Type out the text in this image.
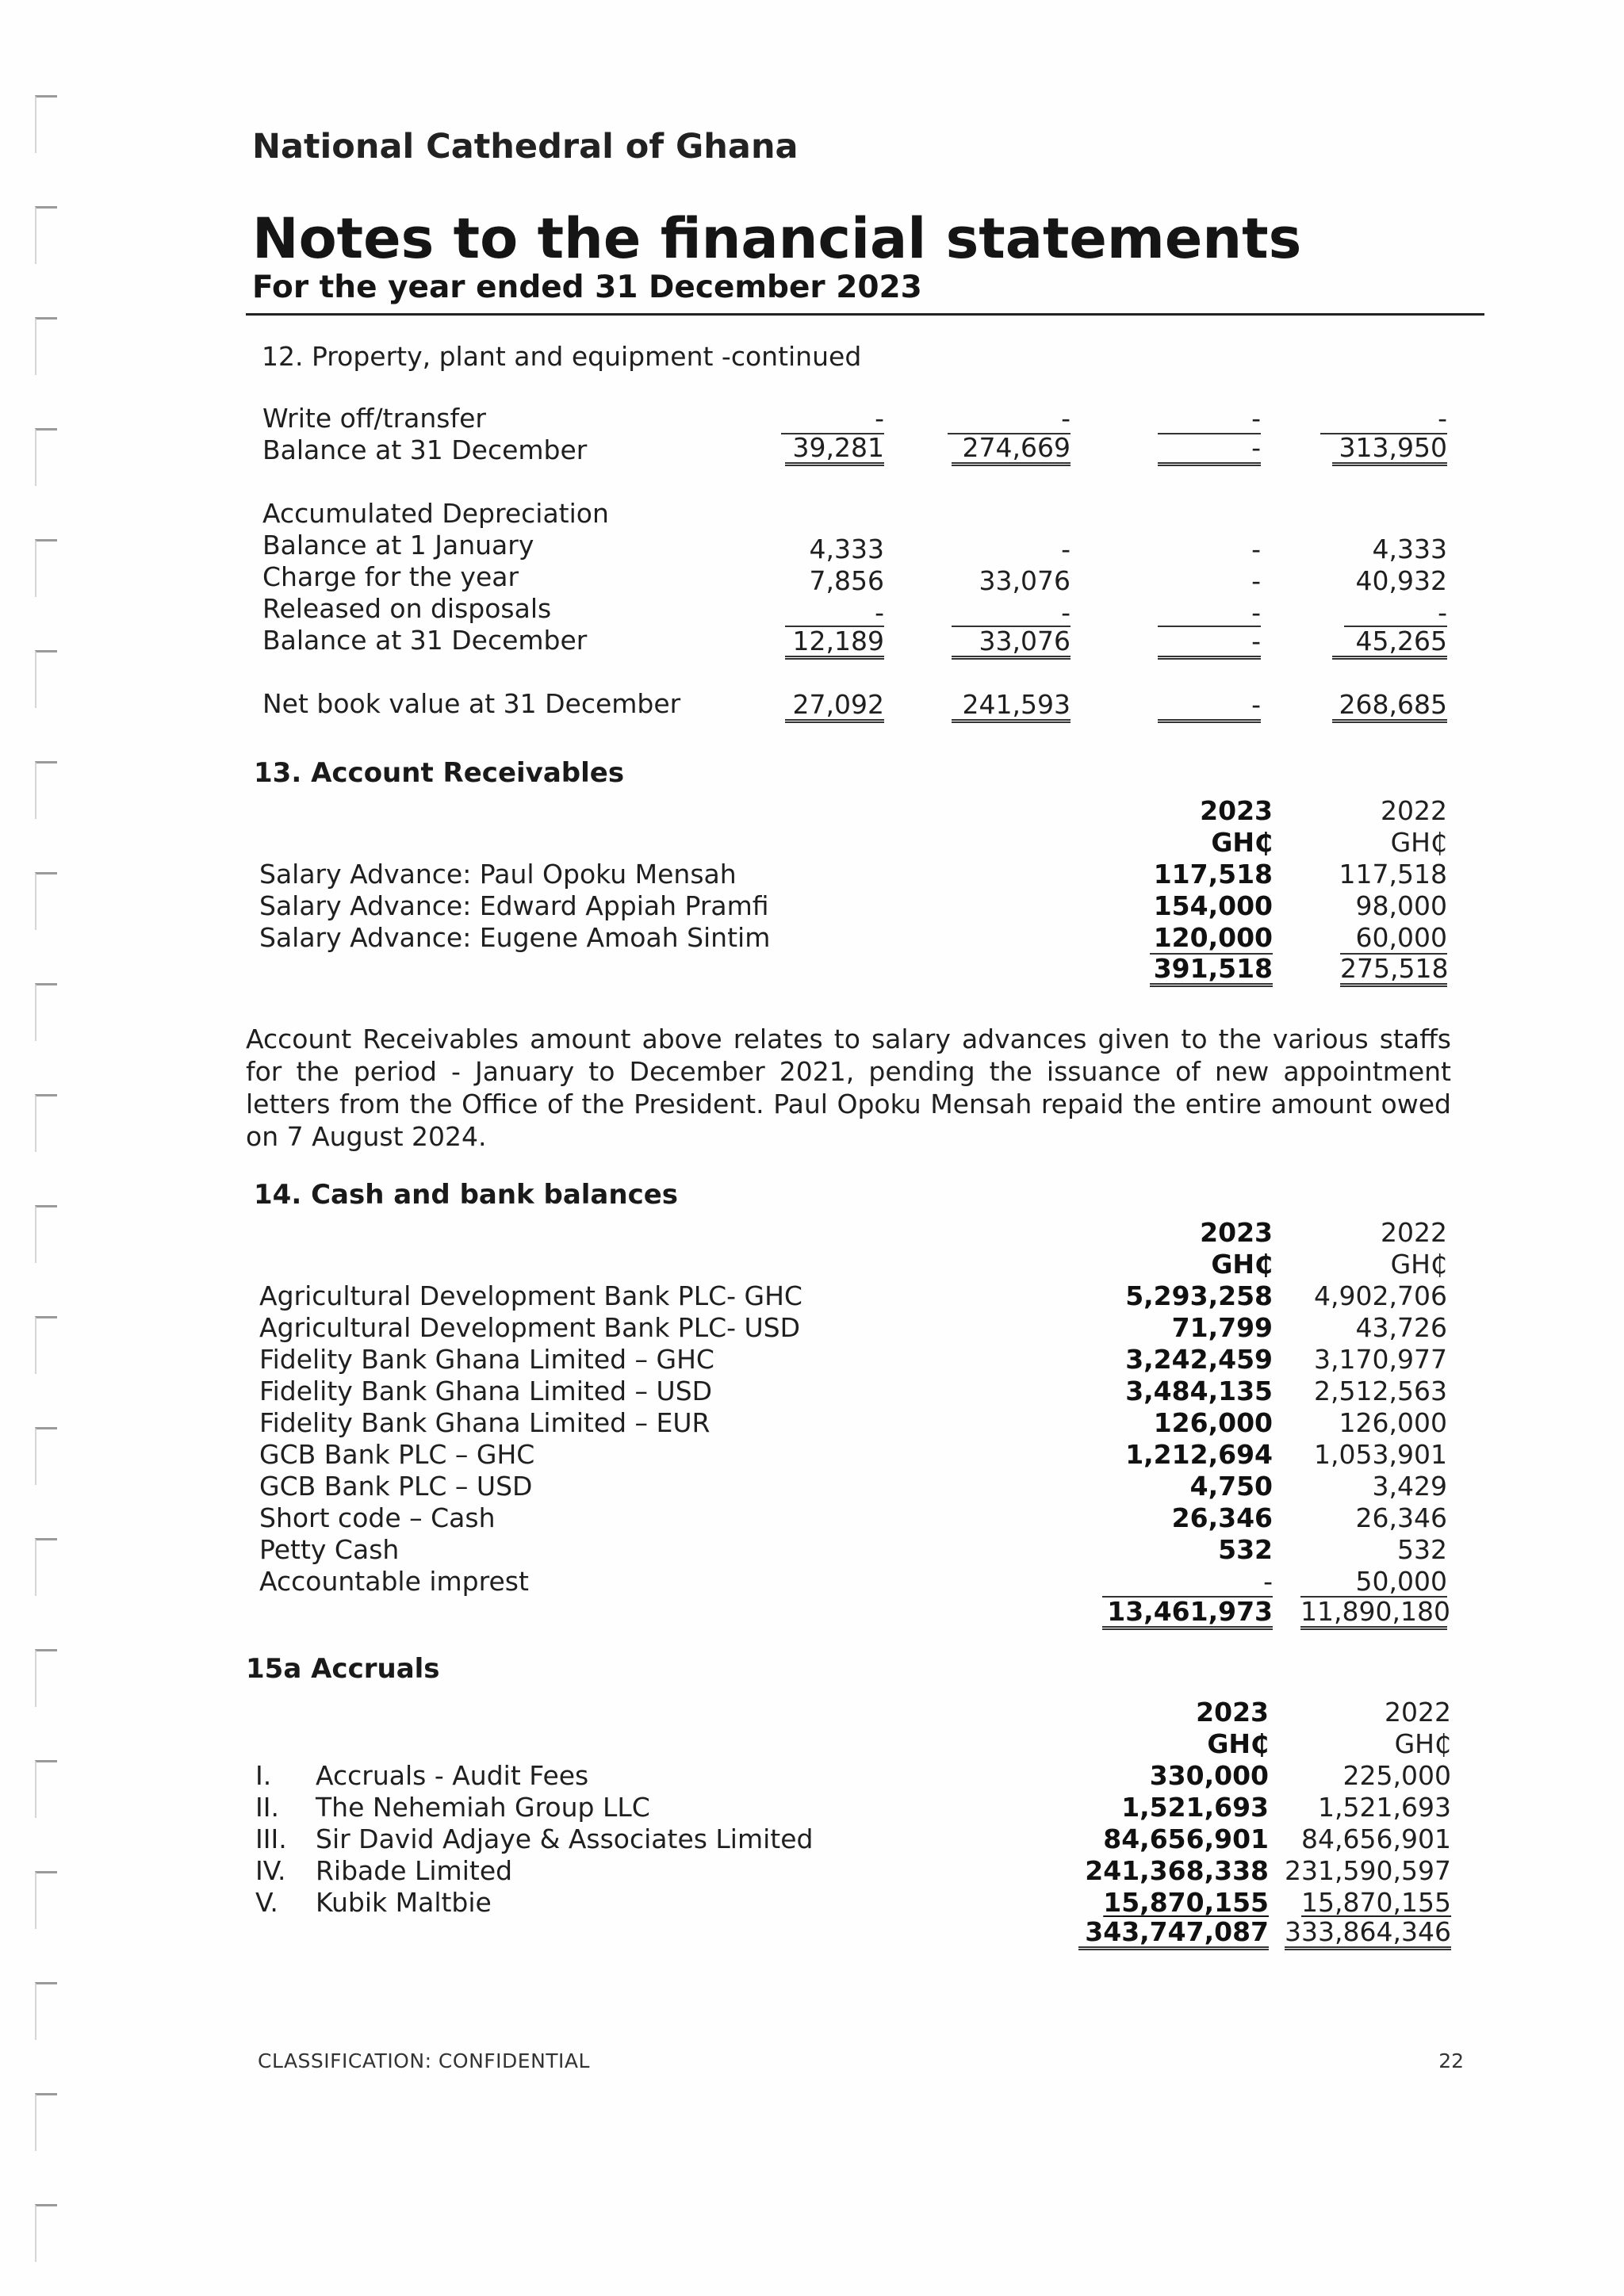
National Cathedral of Ghana
Notes to the financial statements
For the year ended 31 December 2023
12. Property, plant and equipment -continued
Write off/transfer	-	-	-	-
Balance at 31 December	39,281	274,669	-	313,950
Accumulated Depreciation
Balance at 1 January	4,333	-	-	4,333
Charge for the year	7,856	33,076	-	40,932
Released on disposals	-	-	-	-
Balance at 31 December	12,189	33,076	-	45,265
Net book value at 31 December	27,092	241,593	-	268,685
13. Account Receivables
2023	2022
GH₵	GH₵
Salary Advance: Paul Opoku Mensah	117,518	117,518
Salary Advance: Edward Appiah Pramfi	154,000	98,000
Salary Advance: Eugene Amoah Sintim	120,000	60,000
391,518	275,518
Account Receivables amount above relates to salary advances given to the various staffs for the period - January to December 2021, pending the issuance of new appointment letters from the Office of the President. Paul Opoku Mensah repaid the entire amount owed on 7 August 2024.
14. Cash and bank balances
2023	2022
GH₵	GH₵
Agricultural Development Bank PLC- GHC	5,293,258	4,902,706
Agricultural Development Bank PLC- USD	71,799	43,726
Fidelity Bank Ghana Limited – GHC	3,242,459	3,170,977
Fidelity Bank Ghana Limited – USD	3,484,135	2,512,563
Fidelity Bank Ghana Limited – EUR	126,000	126,000
GCB Bank PLC – GHC	1,212,694	1,053,901
GCB Bank PLC – USD	4,750	3,429
Short code – Cash	26,346	26,346
Petty Cash	532	532
Accountable imprest	-	50,000
13,461,973 11,890,180
15a Accruals
2023	2022
GH₵	GH₵
I. Accruals - Audit Fees	330,000	225,000
II. The Nehemiah Group LLC	1,521,693	1,521,693
III. Sir David Adjaye & Associates Limited	84,656,901	84,656,901
IV. Ribade Limited	241,368,338 231,590,597
V. Kubik Maltbie	15,870,155	15,870,155
343,747,087 333,864,346
CLASSIFICATION: CONFIDENTIAL	22
